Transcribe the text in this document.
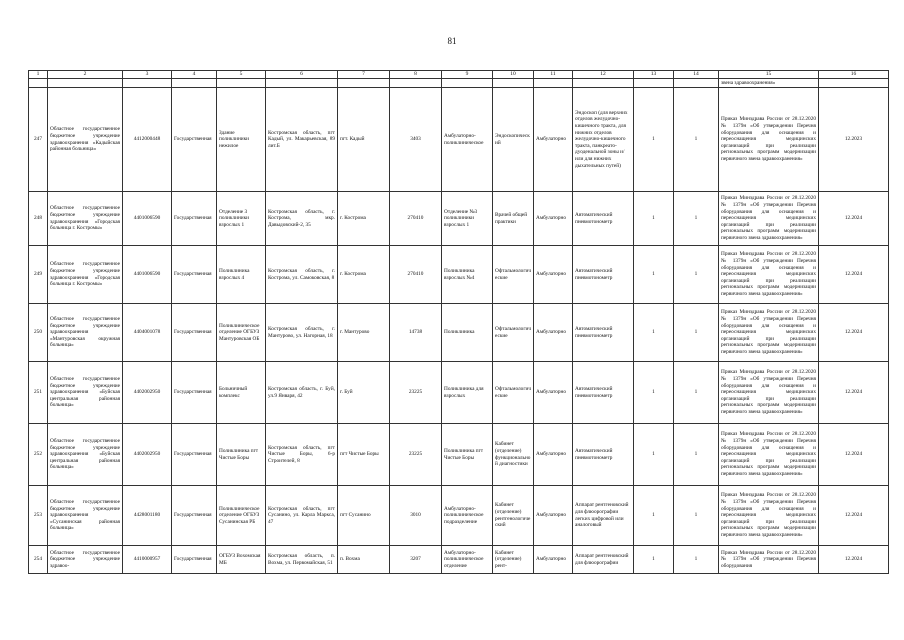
81
1	2	3	4	5	6	7	8	9	10	11	12	13	14	15	16
														звена здравоохранения»	
247	Областное государственное бюджетное учреждение здравоохранения «Кадыйская районная больница»	4412000448	Государственная	Здание поликлиники нежилое	Костромская область, пгт Кадый, ул. Макарьевская, 89 лит.Б	пгт. Кадый	3403	Амбулаторно-поликлиническое	Эндоскопический	Амбулаторно	Эндоскоп (для верхних отделов желудочно-кишечного тракта, для нижних отделов желудочно-кишечного тракта, панкреато-дуоденальной зоны и/или для нижних дыхательных путей)	1	1	Приказ Минздрава России от 28.12.2020 № 1379н «Об утверждении Перечня оборудования для оснащения и переоснащения медицинских организаций при реализации региональных программ модернизации первичного звена здравоохранения»	12.2023
248	Областное государственное бюджетное учреждение здравоохранения «Городская больница г. Костромы»	4401006590	Государственная	Отделение 3 поликлиники взрослых 1	Костромская область, г. Кострома, мкр. Давыдовский-2, 35	г. Кострома	270410	Отделение №3 поликлиники взрослых 1	Врачей общей практики	Амбулаторно	Автоматический пневмотонометр	1	1	Приказ Минздрава России от 28.12.2020 № 1379н «Об утверждении Перечня оборудования для оснащения и переоснащения медицинских организаций при реализации региональных программ модернизации первичного звена здравоохранения»	12.2024
249	Областное государственное бюджетное учреждение здравоохранения «Городская больница г. Костромы»	4401006590	Государственная	Поликлиника взрослых 4	Костромская область, г. Кострома, ул. Самоковская, 8	г. Кострома	270410	Поликлиника взрослых №4	Офтальмологические	Амбулаторно	Автоматический пневмотонометр	1	1	Приказ Минздрава России от 28.12.2020 № 1379н «Об утверждении Перечня оборудования для оснащения и переоснащения медицинских организаций при реализации региональных программ модернизации первичного звена здравоохранения»	12.2024
250	Областное государственное бюджетное учреждение здравоохранения «Мантуровская окружная больница»	4404001078	Государственная	Поликлиническое отделение ОГБУЗ Мантуровская ОБ	Костромская область, г. Мантурово, ул. Нагорная, 18	г. Мантурово	14738	Поликлиника	Офтальмологические	Амбулаторно	Автоматический пневмотонометр	1	1	Приказ Минздрава России от 28.12.2020 № 1379н «Об утверждении Перечня оборудования для оснащения и переоснащения медицинских организаций при реализации региональных программ модернизации первичного звена здравоохранения»	12.2024
251	Областное государственное бюджетное учреждение здравоохранения «Буйская центральная районная больница»	4402002950	Государственная	Больничный комплекс	Костромская область, г. Буй, ул.9 Января, 42	г. Буй	23225	Поликлиника для взрослых	Офтальмологические	Амбулаторно	Автоматический пневмотонометр	1	1	Приказ Минздрава России от 28.12.2020 № 1379н «Об утверждении Перечня оборудования для оснащения и переоснащения медицинских организаций при реализации региональных программ модернизации первичного звена здравоохранения»	12.2024
252	Областное государственное бюджетное учреждение здравоохранения «Буйская центральная районная больница»	4402002950	Государственная	Поликлиника пгт Чистые Боры	Костромская область, пгт Чистые Боры, 6-р Строителей, 8	пгт Чистые Боры	23225	Поликлиника пгт Чистые Боры	Кабинет (отделение) функциональной диагностики	Амбулаторно	Автоматический пневмотонометр	1	1	Приказ Минздрава России от 28.12.2020 № 1379н «Об утверждении Перечня оборудования для оснащения и переоснащения медицинских организаций при реализации региональных программ модернизации первичного звена здравоохранения»	12.2024
253	Областное государственное бюджетное учреждение здравоохранения «Сусанинская районная больница»	4428001180	Государственная	Поликлиническое отделение ОГБУЗ Сусанинская РБ	Костромская область, пгт Сусанино, ул. Карла Маркса, 47	пгт Сусанино	3010	Амбулаторно-поликлиническое подразделение	Кабинет (отделение) рентгенологический	Амбулаторно	Аппарат рентгеновский для флюорографии легких цифровой или аналоговый	1	1	Приказ Минздрава России от 28.12.2020 № 1379н «Об утверждении Перечня оборудования для оснащения и переоснащения медицинских организаций при реализации региональных программ модернизации первичного звена здравоохранения»	12.2024
254	Областное государственное бюджетное учреждение здравоо-	4410000957	Государственная	ОГБУЗ Вохомская МБ	Костромская область, п. Вохма, ул. Первомайская, 51	п. Вохма	3207	Амбулаторно-поликлиническое отделение	Кабинет (отделение) рент-	Амбулаторно	Аппарат рентгеновский для флюорографии	1	1	Приказ Минздрава России от 28.12.2020 № 1379н «Об утверждении Перечня оборудования	12.2024
